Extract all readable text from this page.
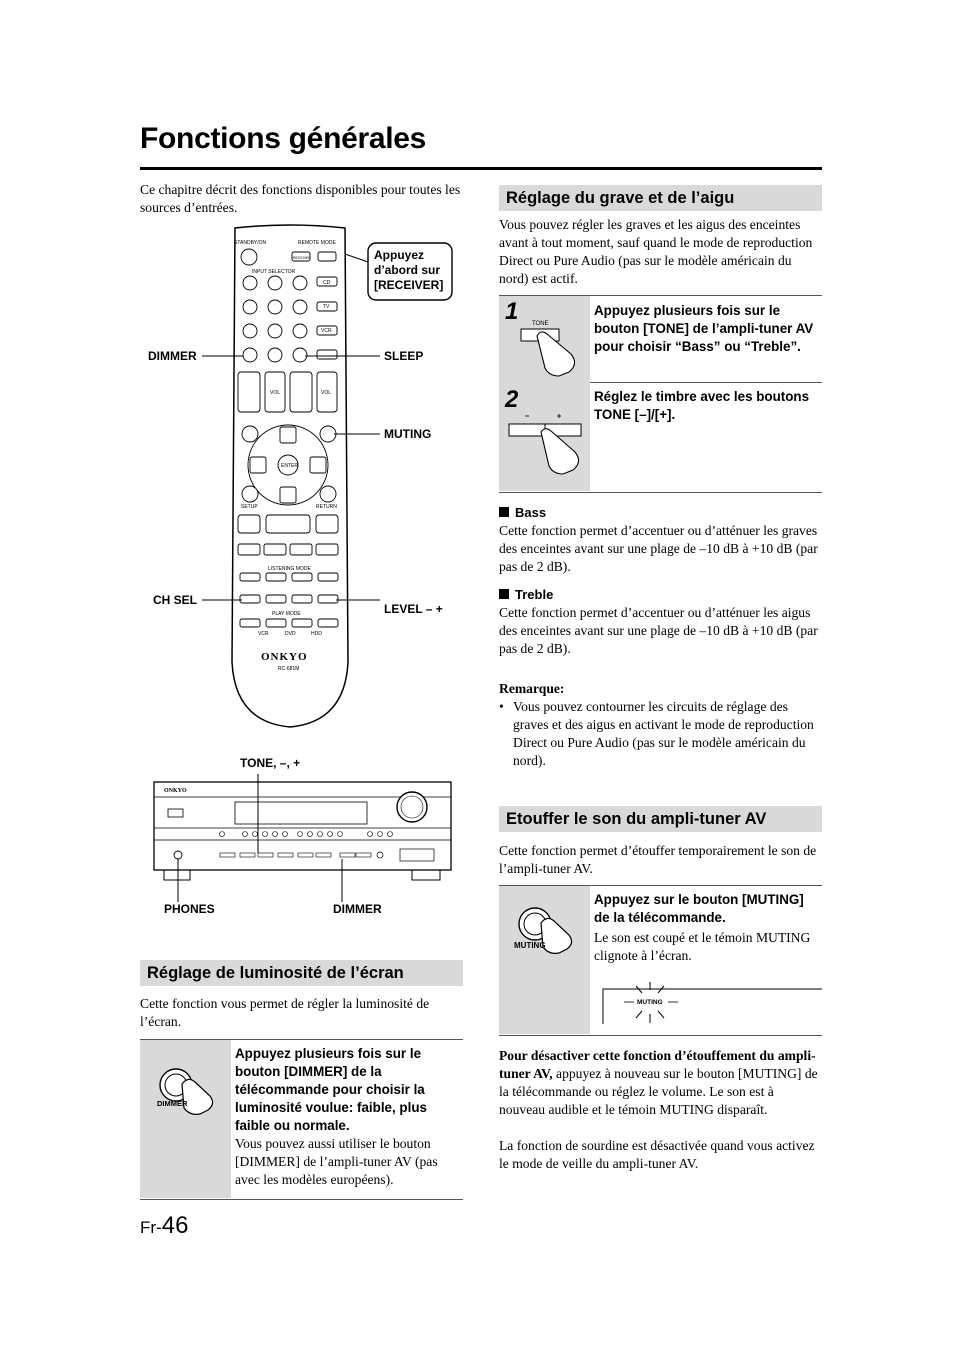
Fonctions générales
Ce chapitre décrit des fonctions disponibles pour toutes les sources d’entrées.
STANDBY/ON	REMOTE MODE
RECEIVER
INPUT SELECTOR
CD
TV
VCR
VOL	VOL
ENTER
SETUP	RETURN
LISTENING MODE
PLAY MODE
VCR	DVD	HDD
ONKYO
RC-681M
Appuyez d’abord sur [RECEIVER]
DIMMER	SLEEP
MUTING
CH SEL
LEVEL – +
TONE, –, +
ONKYO
PHONES	DIMMER
Réglage de luminosité de l’écran
Cette fonction vous permet de régler la luminosité de l’écran.
DIMMER
Appuyez plusieurs fois sur le bouton [DIMMER] de la télécommande pour choisir la luminosité voulue: faible, plus faible ou normale.
Vous pouvez aussi utiliser le bouton [DIMMER] de l’ampli-tuner AV (pas avec les modèles européens).
Fr-46
Réglage du grave et de l’aigu
Vous pouvez régler les graves et les aigus des enceintes avant à tout moment, sauf quand le mode de reproduction Direct ou Pure Audio (pas sur le modèle américain du nord) est actif.
TONE
1
2
Appuyez plusieurs fois sur le bouton [TONE] de l’ampli-tuner AV pour choisir “Bass” ou “Treble”.
Réglez le timbre avec les boutons TONE [–]/[+].
Bass
Cette fonction permet d’accentuer ou d’atténuer les graves des enceintes avant sur une plage de –10 dB à +10 dB (par pas de 2 dB).
Treble
Cette fonction permet d’accentuer ou d’atténuer les aigus des enceintes avant sur une plage de –10 dB à +10 dB (par pas de 2 dB).
Remarque:
• Vous pouvez contourner les circuits de réglage des graves et des aigus en activant le mode de reproduction Direct ou Pure Audio (pas sur le modèle américain du nord).
Etouffer le son du ampli-tuner AV
Cette fonction permet d’étouffer temporairement le son de l’ampli-tuner AV.
MUTING
Appuyez sur le bouton [MUTING] de la télécommande.
Le son est coupé et le témoin MUTING clignote à l’écran.
MUTING
Pour désactiver cette fonction d’étouffement du ampli-tuner AV, appuyez à nouveau sur le bouton [MUTING] de la télécommande ou réglez le volume. Le son est à nouveau audible et le témoin MUTING disparaît.
La fonction de sourdine est désactivée quand vous activez le mode de veille du ampli-tuner AV.
